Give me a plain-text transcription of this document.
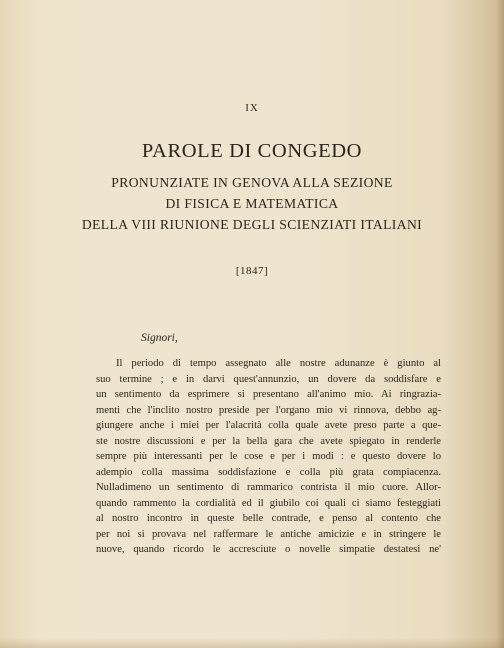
IX
PAROLE DI CONGEDO
PRONUNZIATE IN GENOVA ALLA SEZIONE
DI FISICA E MATEMATICA
DELLA VIII RIUNIONE DEGLI SCIENZIATI ITALIANI
[1847]
Signori,
Il periodo di tempo assegnato alle nostre adunanze è giunto al
suo termine ; e in darvi quest'annunzio, un dovere da soddisfare e
un sentimento da esprimere si presentano all'animo mio. Ai ringrazia-
menti che l'inclito nostro preside per l'organo mio vi rinnova, debbo ag-
giungere anche i miei per l'alacrità colla quale avete preso parte a que-
ste nostre discussioni e per la bella gara che avete spiegato in renderle
sempre più interessanti per le cose e per i modi : e questo dovere lo
adempio colla massima soddisfazione e colla più grata compiacenza.
Nulladimeno un sentimento di rammarico contrista il mio cuore. Allor-
quando rammento la cordialità ed il giubilo coi quali ci siamo festeggiati
al nostro incontro in queste belle contrade, e penso al contento che
per noi si provava nel raffermare le antiche amicizie e in stringere le
nuove, quando ricordo le accresciute o novelle simpatie destatesi ne'
